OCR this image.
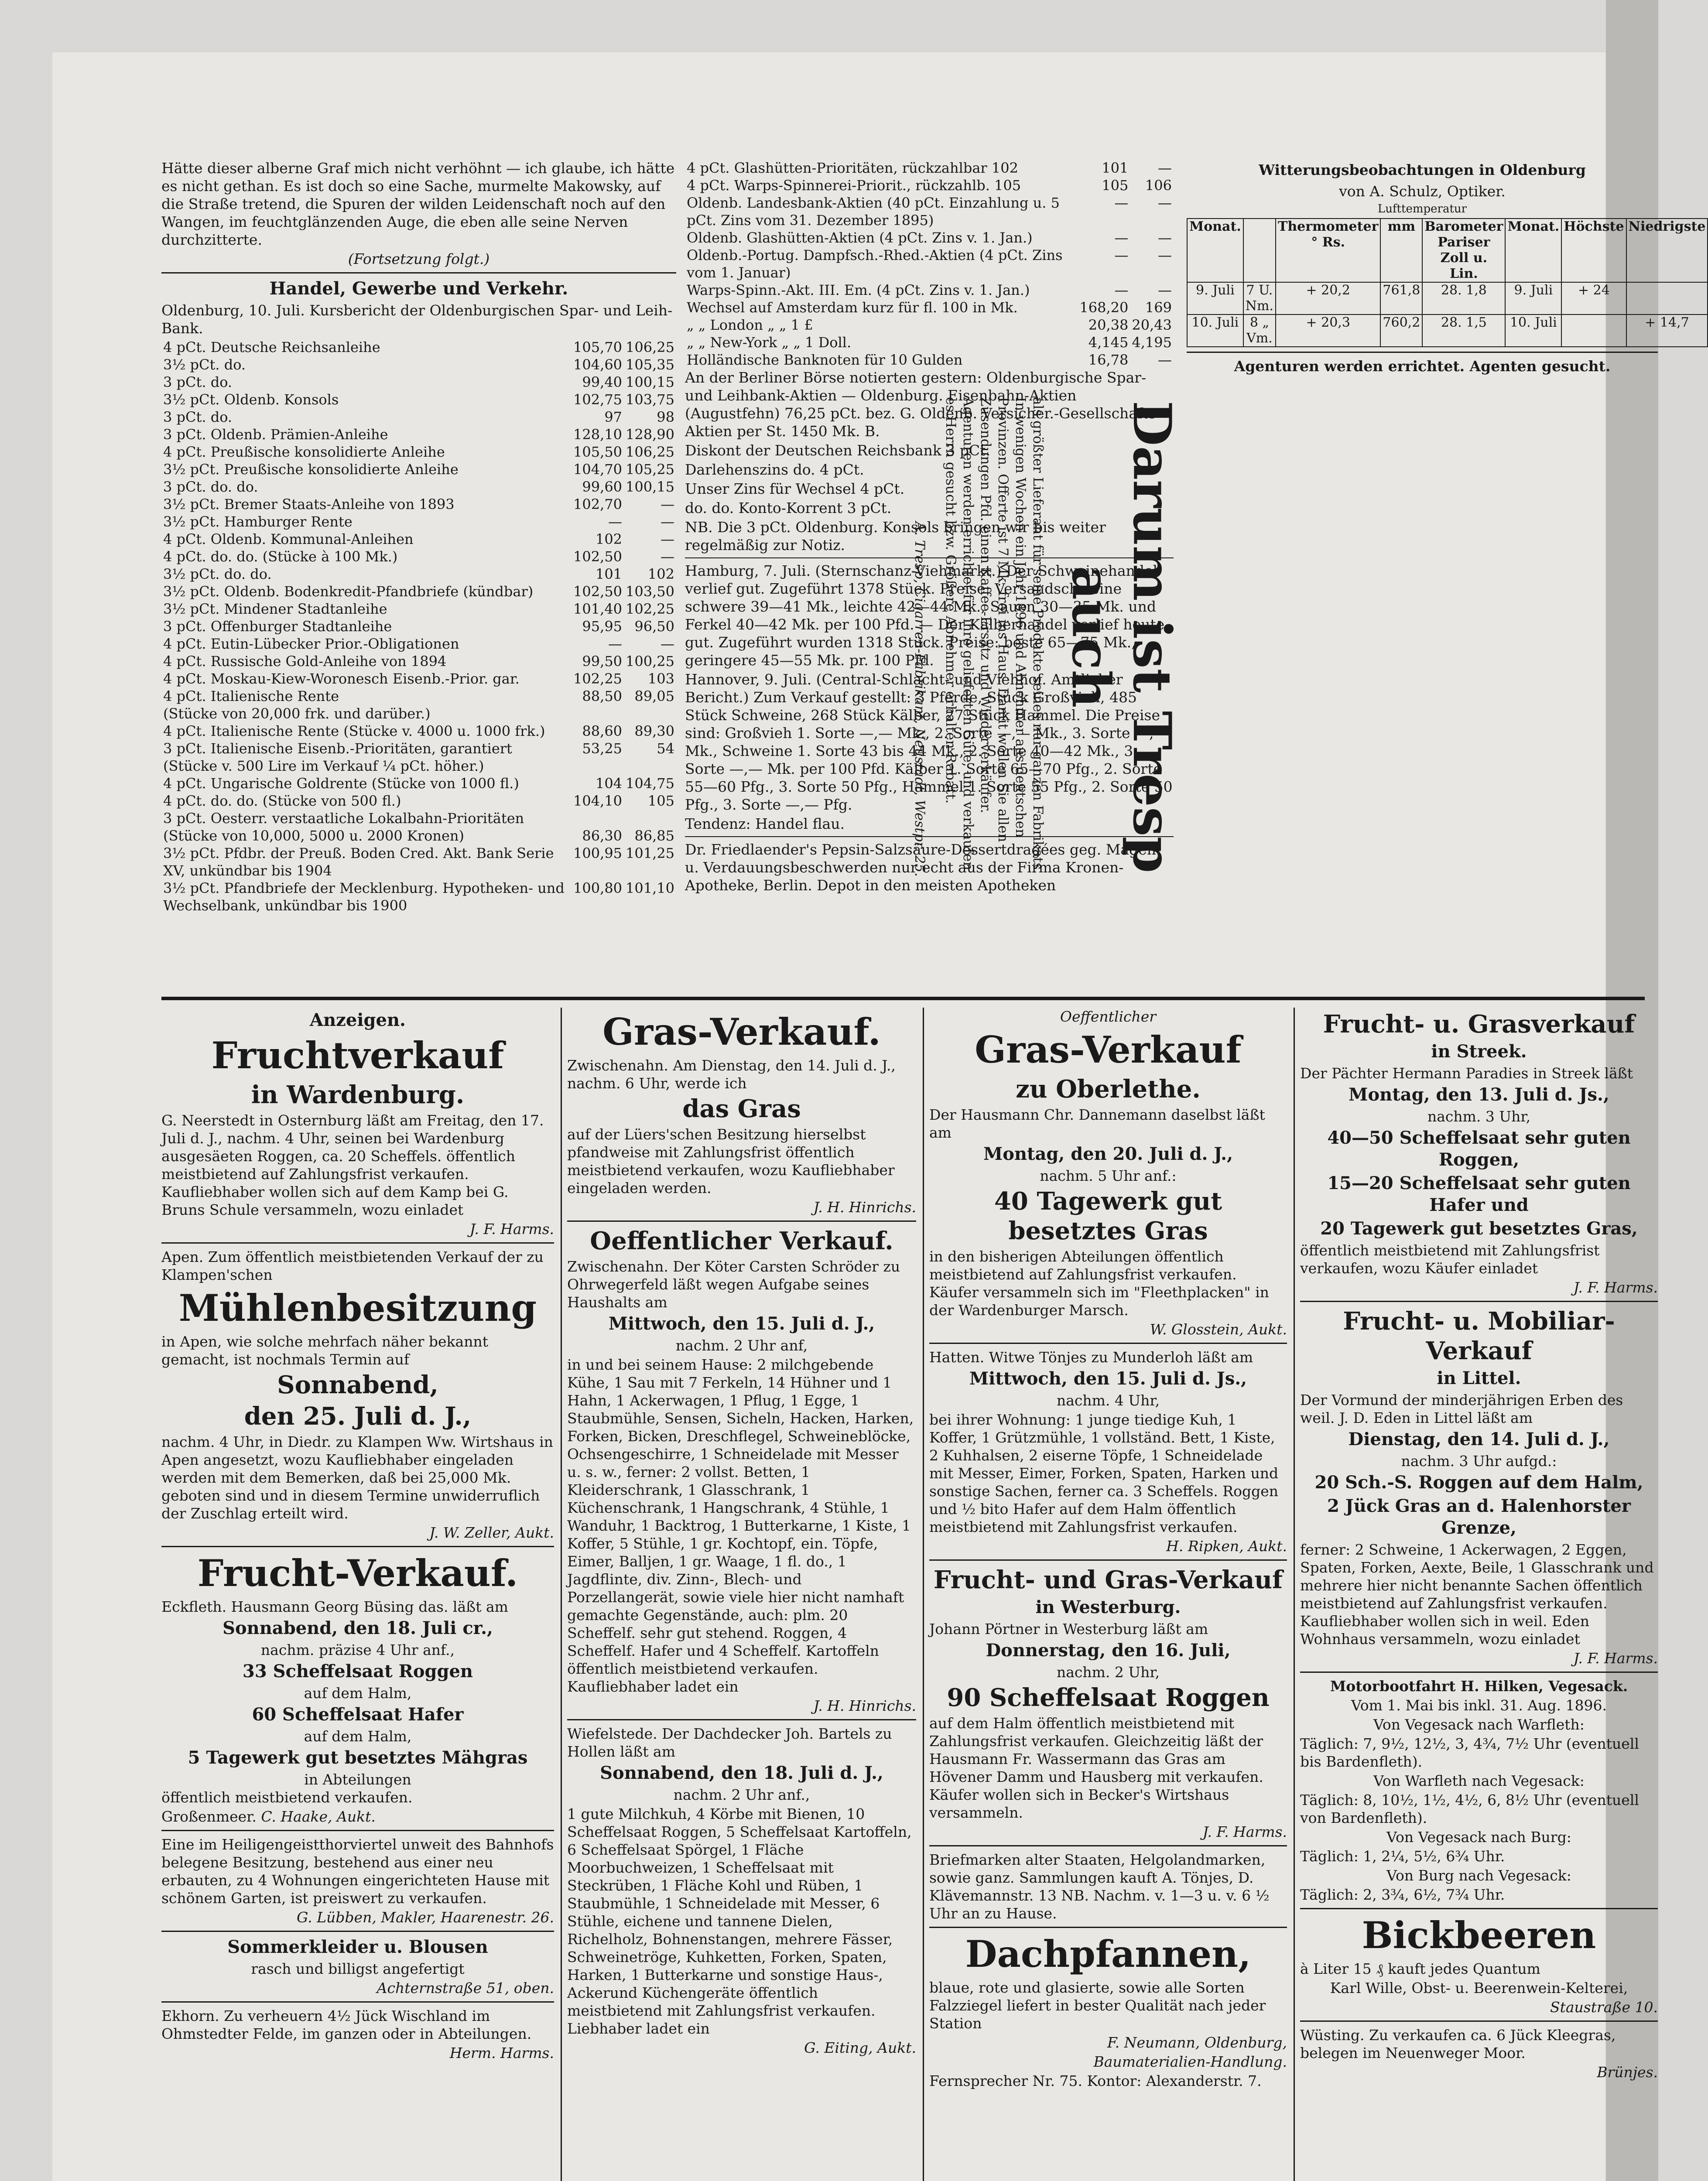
Hätte dieser alberne Graf mich nicht verhöhnt — ich glaube, ich hätte es nicht gethan. Es ist doch so eine Sache, murmelte Makowsky, auf die Straße tretend, die Spuren der wilden Leidenschaft noch auf den Wangen, im feuchtglänzenden Auge, die eben alle seine Nerven durchzitterte.

(Fortsetzung folgt.)

Handel, Gewerbe und Verkehr.

Oldenburg, 10. Juli. Kursbericht der Oldenburgischen Spar- und Leih-Bank.

4 pCt. Deutsche Reichsanleihe	105,70	106,25
3½ pCt. do.	104,60	105,35
3 pCt. do.	99,40	100,15
3½ pCt. Oldenb. Konsols	102,75	103,75
3 pCt. do.	97	98
3 pCt. Oldenb. Prämien-Anleihe	128,10	128,90
4 pCt. Preußische konsolidierte Anleihe	105,50	106,25
3½ pCt. Preußische konsolidierte Anleihe	104,70	105,25
3 pCt. do. do.	99,60	100,15
3½ pCt. Bremer Staats-Anleihe von 1893	102,70	—
3½ pCt. Hamburger Rente	—	—
4 pCt. Oldenb. Kommunal-Anleihen	102	—
4 pCt. do. do. (Stücke à 100 Mk.)	102,50	—
3½ pCt. do. do.	101	102
3½ pCt. Oldenb. Bodenkredit-Pfandbriefe (kündbar)	102,50	103,50
3½ pCt. Mindener Stadtanleihe	101,40	102,25
3 pCt. Offenburger Stadtanleihe	95,95	96,50
4 pCt. Eutin-Lübecker Prior.-Obligationen	—	—
4 pCt. Russische Gold-Anleihe von 1894	99,50	100,25
4 pCt. Moskau-Kiew-Woronesch Eisenb.-Prior. gar.	102,25	103
4 pCt. Italienische Rente	88,50	89,05
(Stücke von 20,000 frk. und darüber.)		
4 pCt. Italienische Rente (Stücke v. 4000 u. 1000 frk.)	88,60	89,30
3 pCt. Italienische Eisenb.-Prioritäten, garantiert	53,25	54
(Stücke v. 500 Lire im Verkauf ¼ pCt. höher.)		
4 pCt. Ungarische Goldrente (Stücke von 1000 fl.)	104	104,75
4 pCt. do. do. (Stücke von 500 fl.)	104,10	105
3 pCt. Oesterr. verstaatliche Lokalbahn-Prioritäten		
(Stücke von 10,000, 5000 u. 2000 Kronen)	86,30	86,85
3½ pCt. Pfdbr. der Preuß. Boden Cred. Akt. Bank Serie XV, unkündbar bis 1904	100,95	101,25
3½ pCt. Pfandbriefe der Mecklenburg. Hypotheken- und Wechselbank, unkündbar bis 1900	100,80	101,10
4 pCt. Glashütten-Prioritäten, rückzahlbar 102	101	—
4 pCt. Warps-Spinnerei-Priorit., rückzahlb. 105	105	106
Oldenb. Landesbank-Aktien (40 pCt. Einzahlung u. 5 pCt. Zins vom 31. Dezember 1895)	—	—
Oldenb. Glashütten-Aktien (4 pCt. Zins v. 1. Jan.)	—	—
Oldenb.-Portug. Dampfsch.-Rhed.-Aktien (4 pCt. Zins vom 1. Januar)	—	—
Warps-Spinn.-Akt. III. Em. (4 pCt. Zins v. 1. Jan.)	—	—
Wechsel auf Amsterdam kurz für fl. 100 in Mk.	168,20	169
„ „ London „ „ 1 £	20,38	20,43
„ „ New-York „ „ 1 Doll.	4,145	4,195
Holländische Banknoten für 10 Gulden	16,78	—

An der Berliner Börse notierten gestern: Oldenburgische Spar- und Leihbank-Aktien — Oldenburg. Eisenbahn-Aktien (Augustfehn) 76,25 pCt. bez. G. Oldenb. Versicher.-Gesellschafts-Aktien per St. 1450 Mk. B.

Diskont der Deutschen Reichsbank 3 pCt.

Darlehenszins do. 4 pCt.

Unser Zins für Wechsel 4 pCt.

do. do. Konto-Korrent 3 pCt.

NB. Die 3 pCt. Oldenburg. Konsols bringen wir bis weiter regelmäßig zur Notiz.

Hamburg, 7. Juli. (Sternschanz-Viehmarkt.) Der Schweinehandel verlief gut. Zugeführt 1378 Stück. Preise: Versandschweine schwere 39—41 Mk., leichte 42—44 Mk., Sauen 30—35 Mk. und Ferkel 40—42 Mk. per 100 Pfd. — Der Kälberhandel verlief heute gut. Zugeführt wurden 1318 Stück. Preise: beste 65—75 Mk., geringere 45—55 Mk. pr. 100 Pfd.

Hannover, 9. Juli. (Central-Schlacht- und Viehhof. Amtlicher Bericht.) Zum Verkauf gestellt: 3 Pferde, Stück Großvieh, 485 Stück Schweine, 268 Stück Kälber, 27 Stück Hammel. Die Preise sind: Großvieh 1. Sorte —,— Mk., 2. Sorte —,— Mk., 3. Sorte —,— Mk., Schweine 1. Sorte 43 bis 44 Mk., 2. Sorte 40—42 Mk., 3. Sorte —,— Mk. per 100 Pfd. Kälber 1. Sorte 65—70 Pfg., 2. Sorte 55—60 Pfg., 3. Sorte 50 Pfg., Hammel 1. Sorte 55 Pfg., 2. Sorte 50 Pfg., 3. Sorte —,— Pfg.

Tendenz: Handel flau.

Dr. Friedlaender's Pepsin-Salzsäure-Dessertdragées geg. Magen- u. Verdauungsbeschwerden nur echt aus der Firma Kronen-Apotheke, Berlin. Depot in den meisten Apotheken

Witterungsbeobachtungen in Oldenburg
von A. Schulz, Optiker.
Lufttemperatur
Monat.		Thermometer ° Rs.	mm	Barometer Pariser Zoll u. Lin.	Monat.	Höchste	Niedrigste
9. Juli	7 U. Nm.	+ 20,2	761,8	28. 1,8	9. Juli	+ 24	
10. Juli	8 „ Vm.	+ 20,3	760,2	28. 1,5	10. Juli		+ 14,7
Agenturen werden errichtet. Agenten gesucht.
Darum ist Tresp auch

als größter Lieferant für seine Produkte seines nur ganzen Fabrikats. In wenigen Wochen ein Jahr 1896 und Abnehmer aus deutschen Provinzen. Offerte ist 7 Mk. frei ins Haus. Damit wollen Sie allen Zusendungen Pfd. einen Kaffee-Ersatz und Wiederverkäufer. Agenturen werden errichtet für ihre gelieferten Güte, und verkaufen es Herrn gesucht bzw. Größere Abnehmer erhalten Rabatt.

A. Tresp, Cigarren-Fabrikant, Neustadt, Westpr. 25.

Anzeigen.
Fruchtverkauf
in Wardenburg.

G. Neerstedt in Osternburg läßt am Freitag, den 17. Juli d. J., nachm. 4 Uhr, seinen bei Wardenburg ausgesäeten Roggen, ca. 20 Scheffels. öffentlich meistbietend auf Zahlungsfrist verkaufen. Kaufliebhaber wollen sich auf dem Kamp bei G. Bruns Schule versammeln, wozu einladet

J. F. Harms.

Apen. Zum öffentlich meistbietenden Verkauf der zu Klampen'schen

Mühlenbesitzung

in Apen, wie solche mehrfach näher bekannt gemacht, ist nochmals Termin auf

Sonnabend,
den 25. Juli d. J.,

nachm. 4 Uhr, in Diedr. zu Klampen Ww. Wirtshaus in Apen angesetzt, wozu Kaufliebhaber eingeladen werden mit dem Bemerken, daß bei 25,000 Mk. geboten sind und in diesem Termine unwiderruflich der Zuschlag erteilt wird.

J. W. Zeller, Aukt.

Frucht-Verkauf.

Eckfleth. Hausmann Georg Büsing das. läßt am

Sonnabend, den 18. Juli cr.,

nachm. präzise 4 Uhr anf.,

33 Scheffelsaat Roggen
auf dem Halm,
60 Scheffelsaat Hafer
auf dem Halm,
5 Tagewerk gut besetztes Mähgras
in Abteilungen

öffentlich meistbietend verkaufen.

Großenmeer. C. Haake, Aukt.

Eine im Heiligengeistthorviertel unweit des Bahnhofs belegene Besitzung, bestehend aus einer neu erbauten, zu 4 Wohnungen eingerichteten Hause mit schönem Garten, ist preiswert zu verkaufen.

G. Lübben, Makler, Haarenestr. 26.

Sommerkleider u. Blousen

rasch und billigst angefertigt

Achternstraße 51, oben.

Ekhorn. Zu verheuern 4½ Jück Wischland im Ohmstedter Felde, im ganzen oder in Abteilungen.

Herm. Harms.

Gras-Verkauf.

Zwischenahn. Am Dienstag, den 14. Juli d. J., nachm. 6 Uhr, werde ich

das Gras

auf der Lüers'schen Besitzung hierselbst pfandweise mit Zahlungsfrist öffentlich meistbietend verkaufen, wozu Kaufliebhaber eingeladen werden.

J. H. Hinrichs.

Oeffentlicher Verkauf.

Zwischenahn. Der Köter Carsten Schröder zu Ohrwegerfeld läßt wegen Aufgabe seines Haushalts am

Mittwoch, den 15. Juli d. J.,

nachm. 2 Uhr anf,

in und bei seinem Hause: 2 milchgebende Kühe, 1 Sau mit 7 Ferkeln, 14 Hühner und 1 Hahn, 1 Ackerwagen, 1 Pflug, 1 Egge, 1 Staubmühle, Sensen, Sicheln, Hacken, Harken, Forken, Bicken, Dreschflegel, Schweineblöcke, Ochsengeschirre, 1 Schneidelade mit Messer u. s. w., ferner: 2 vollst. Betten, 1 Kleiderschrank, 1 Glasschrank, 1 Küchenschrank, 1 Hangschrank, 4 Stühle, 1 Wanduhr, 1 Backtrog, 1 Butterkarne, 1 Kiste, 1 Koffer, 5 Stühle, 1 gr. Kochtopf, ein. Töpfe, Eimer, Balljen, 1 gr. Waage, 1 fl. do., 1 Jagdflinte, div. Zinn-, Blech- und Porzellangerät, sowie viele hier nicht namhaft gemachte Gegenstände, auch: plm. 20 Scheffelf. sehr gut stehend. Roggen, 4 Scheffelf. Hafer und 4 Scheffelf. Kartoffeln öffentlich meistbietend verkaufen. Kaufliebhaber ladet ein

J. H. Hinrichs.

Wiefelstede. Der Dachdecker Joh. Bartels zu Hollen läßt am

Sonnabend, den 18. Juli d. J.,

nachm. 2 Uhr anf.,

1 gute Milchkuh, 4 Körbe mit Bienen, 10 Scheffelsaat Roggen, 5 Scheffelsaat Kartoffeln, 6 Scheffelsaat Spörgel, 1 Fläche Moorbuchweizen, 1 Scheffelsaat mit Steckrüben, 1 Fläche Kohl und Rüben, 1 Staubmühle, 1 Schneidelade mit Messer, 6 Stühle, eichene und tannene Dielen, Richelholz, Bohnenstangen, mehrere Fässer, Schweinetröge, Kuhketten, Forken, Spaten, Harken, 1 Butterkarne und sonstige Haus-, Ackerund Küchengeräte öffentlich meistbietend mit Zahlungsfrist verkaufen. Liebhaber ladet ein

G. Eiting, Aukt.

Oeffentlicher
Gras-Verkauf
zu Oberlethe.

Der Hausmann Chr. Dannemann daselbst läßt am

Montag, den 20. Juli d. J.,

nachm. 5 Uhr anf.:

40 Tagewerk gut besetztes Gras

in den bisherigen Abteilungen öffentlich meistbietend auf Zahlungsfrist verkaufen. Käufer versammeln sich im "Fleethplacken" in der Wardenburger Marsch.

W. Glosstein, Aukt.

Hatten. Witwe Tönjes zu Munderloh läßt am

Mittwoch, den 15. Juli d. Js.,

nachm. 4 Uhr,

bei ihrer Wohnung: 1 junge tiedige Kuh, 1 Koffer, 1 Grützmühle, 1 vollständ. Bett, 1 Kiste, 2 Kuhhalsen, 2 eiserne Töpfe, 1 Schneidelade mit Messer, Eimer, Forken, Spaten, Harken und sonstige Sachen, ferner ca. 3 Scheffels. Roggen und ½ bito Hafer auf dem Halm öffentlich meistbietend mit Zahlungsfrist verkaufen.

H. Ripken, Aukt.

Frucht- und Gras-Verkauf
in Westerburg.

Johann Pörtner in Westerburg läßt am

Donnerstag, den 16. Juli,

nachm. 2 Uhr,

90 Scheffelsaat Roggen

auf dem Halm öffentlich meistbietend mit Zahlungsfrist verkaufen. Gleichzeitig läßt der Hausmann Fr. Wassermann das Gras am Hövener Damm und Hausberg mit verkaufen. Käufer wollen sich in Becker's Wirtshaus versammeln.

J. F. Harms.

Briefmarken alter Staaten, Helgolandmarken, sowie ganz. Sammlungen kauft A. Tönjes, D. Klävemannstr. 13 NB. Nachm. v. 1—3 u. v. 6 ½ Uhr an zu Hause.

Dachpfannen,

blaue, rote und glasierte, sowie alle Sorten Falzziegel liefert in bester Qualität nach jeder Station

F. Neumann, Oldenburg,

Baumaterialien-Handlung.

Fernsprecher Nr. 75. Kontor: Alexanderstr. 7.

Frucht- u. Grasverkauf
in Streek.

Der Pächter Hermann Paradies in Streek läßt

Montag, den 13. Juli d. Js.,

nachm. 3 Uhr,

40—50 Scheffelsaat sehr guten Roggen,
15—20 Scheffelsaat sehr guten Hafer und
20 Tagewerk gut besetztes Gras,

öffentlich meistbietend mit Zahlungsfrist verkaufen, wozu Käufer einladet

J. F. Harms.

Frucht- u. Mobiliar-Verkauf
in Littel.

Der Vormund der minderjährigen Erben des weil. J. D. Eden in Littel läßt am

Dienstag, den 14. Juli d. J.,

nachm. 3 Uhr aufgd.:

20 Sch.-S. Roggen auf dem Halm,
2 Jück Gras an d. Halenhorster Grenze,

ferner: 2 Schweine, 1 Ackerwagen, 2 Eggen, Spaten, Forken, Aexte, Beile, 1 Glasschrank und mehrere hier nicht benannte Sachen öffentlich meistbietend auf Zahlungsfrist verkaufen. Kaufliebhaber wollen sich in weil. Eden Wohnhaus versammeln, wozu einladet

J. F. Harms.

Motorbootfahrt H. Hilken, Vegesack.

Vom 1. Mai bis inkl. 31. Aug. 1896.

Von Vegesack nach Warfleth:

Täglich: 7, 9½, 12½, 3, 4¾, 7½ Uhr (eventuell bis Bardenfleth).

Von Warfleth nach Vegesack:

Täglich: 8, 10½, 1½, 4½, 6, 8½ Uhr (eventuell von Bardenfleth).

Von Vegesack nach Burg:

Täglich: 1, 2¼, 5½, 6¾ Uhr.

Von Burg nach Vegesack:

Täglich: 2, 3¾, 6½, 7¾ Uhr.

Bickbeeren

à Liter 15 ₰ kauft jedes Quantum

Karl Wille, Obst- u. Beerenwein-Kelterei,

Staustraße 10.

Wüsting. Zu verkaufen ca. 6 Jück Kleegras, belegen im Neuenweger Moor.

Brünjes.
